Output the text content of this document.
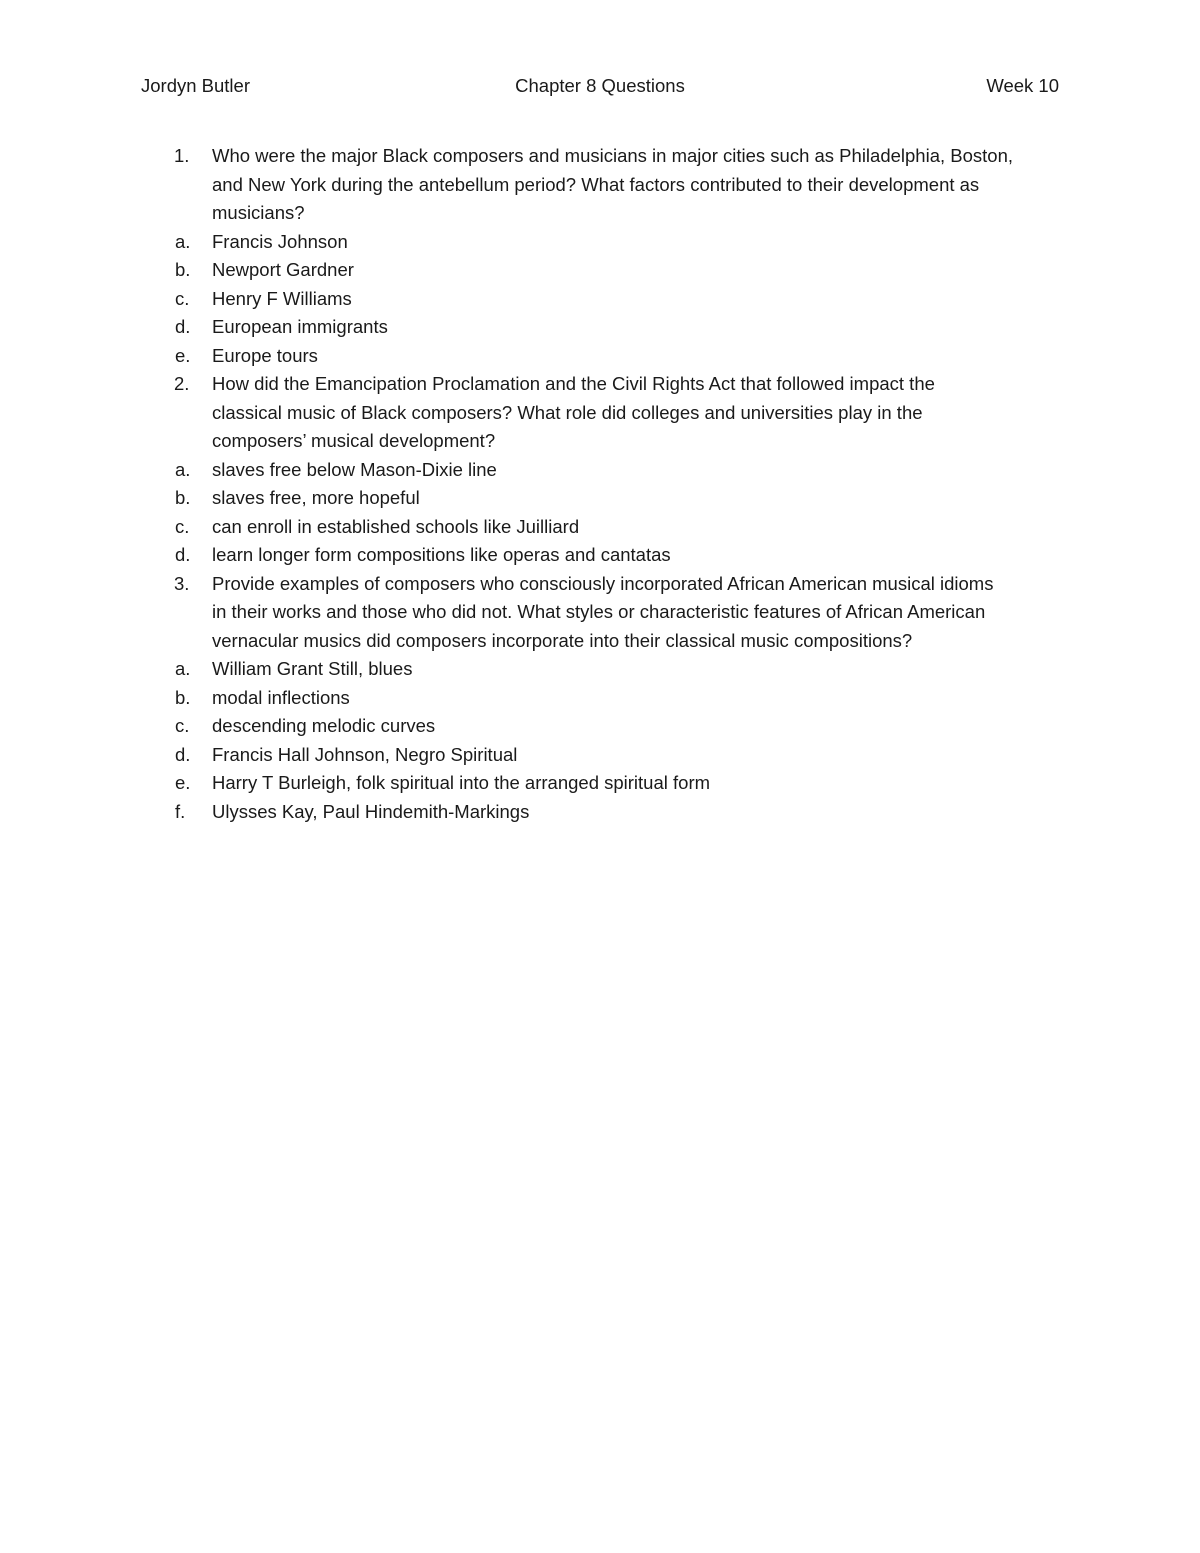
Jordyn Butler	Chapter 8 Questions	Week 10
1. Who were the major Black composers and musicians in major cities such as Philadelphia, Boston,
and New York during the antebellum period? What factors contributed to their development as
musicians?
a. Francis Johnson
b. Newport Gardner
c. Henry F Williams
d. European immigrants
e. Europe tours
2. How did the Emancipation Proclamation and the Civil Rights Act that followed impact the
classical music of Black composers? What role did colleges and universities play in the
composers’ musical development?
a. slaves free below Mason-Dixie line
b. slaves free, more hopeful
c. can enroll in established schools like Juilliard
d. learn longer form compositions like operas and cantatas
3. Provide examples of composers who consciously incorporated African American musical idioms
in their works and those who did not. What styles or characteristic features of African American
vernacular musics did composers incorporate into their classical music compositions?
a. William Grant Still, blues
b. modal inflections
c. descending melodic curves
d. Francis Hall Johnson, Negro Spiritual
e. Harry T Burleigh, folk spiritual into the arranged spiritual form
f. Ulysses Kay, Paul Hindemith-Markings
